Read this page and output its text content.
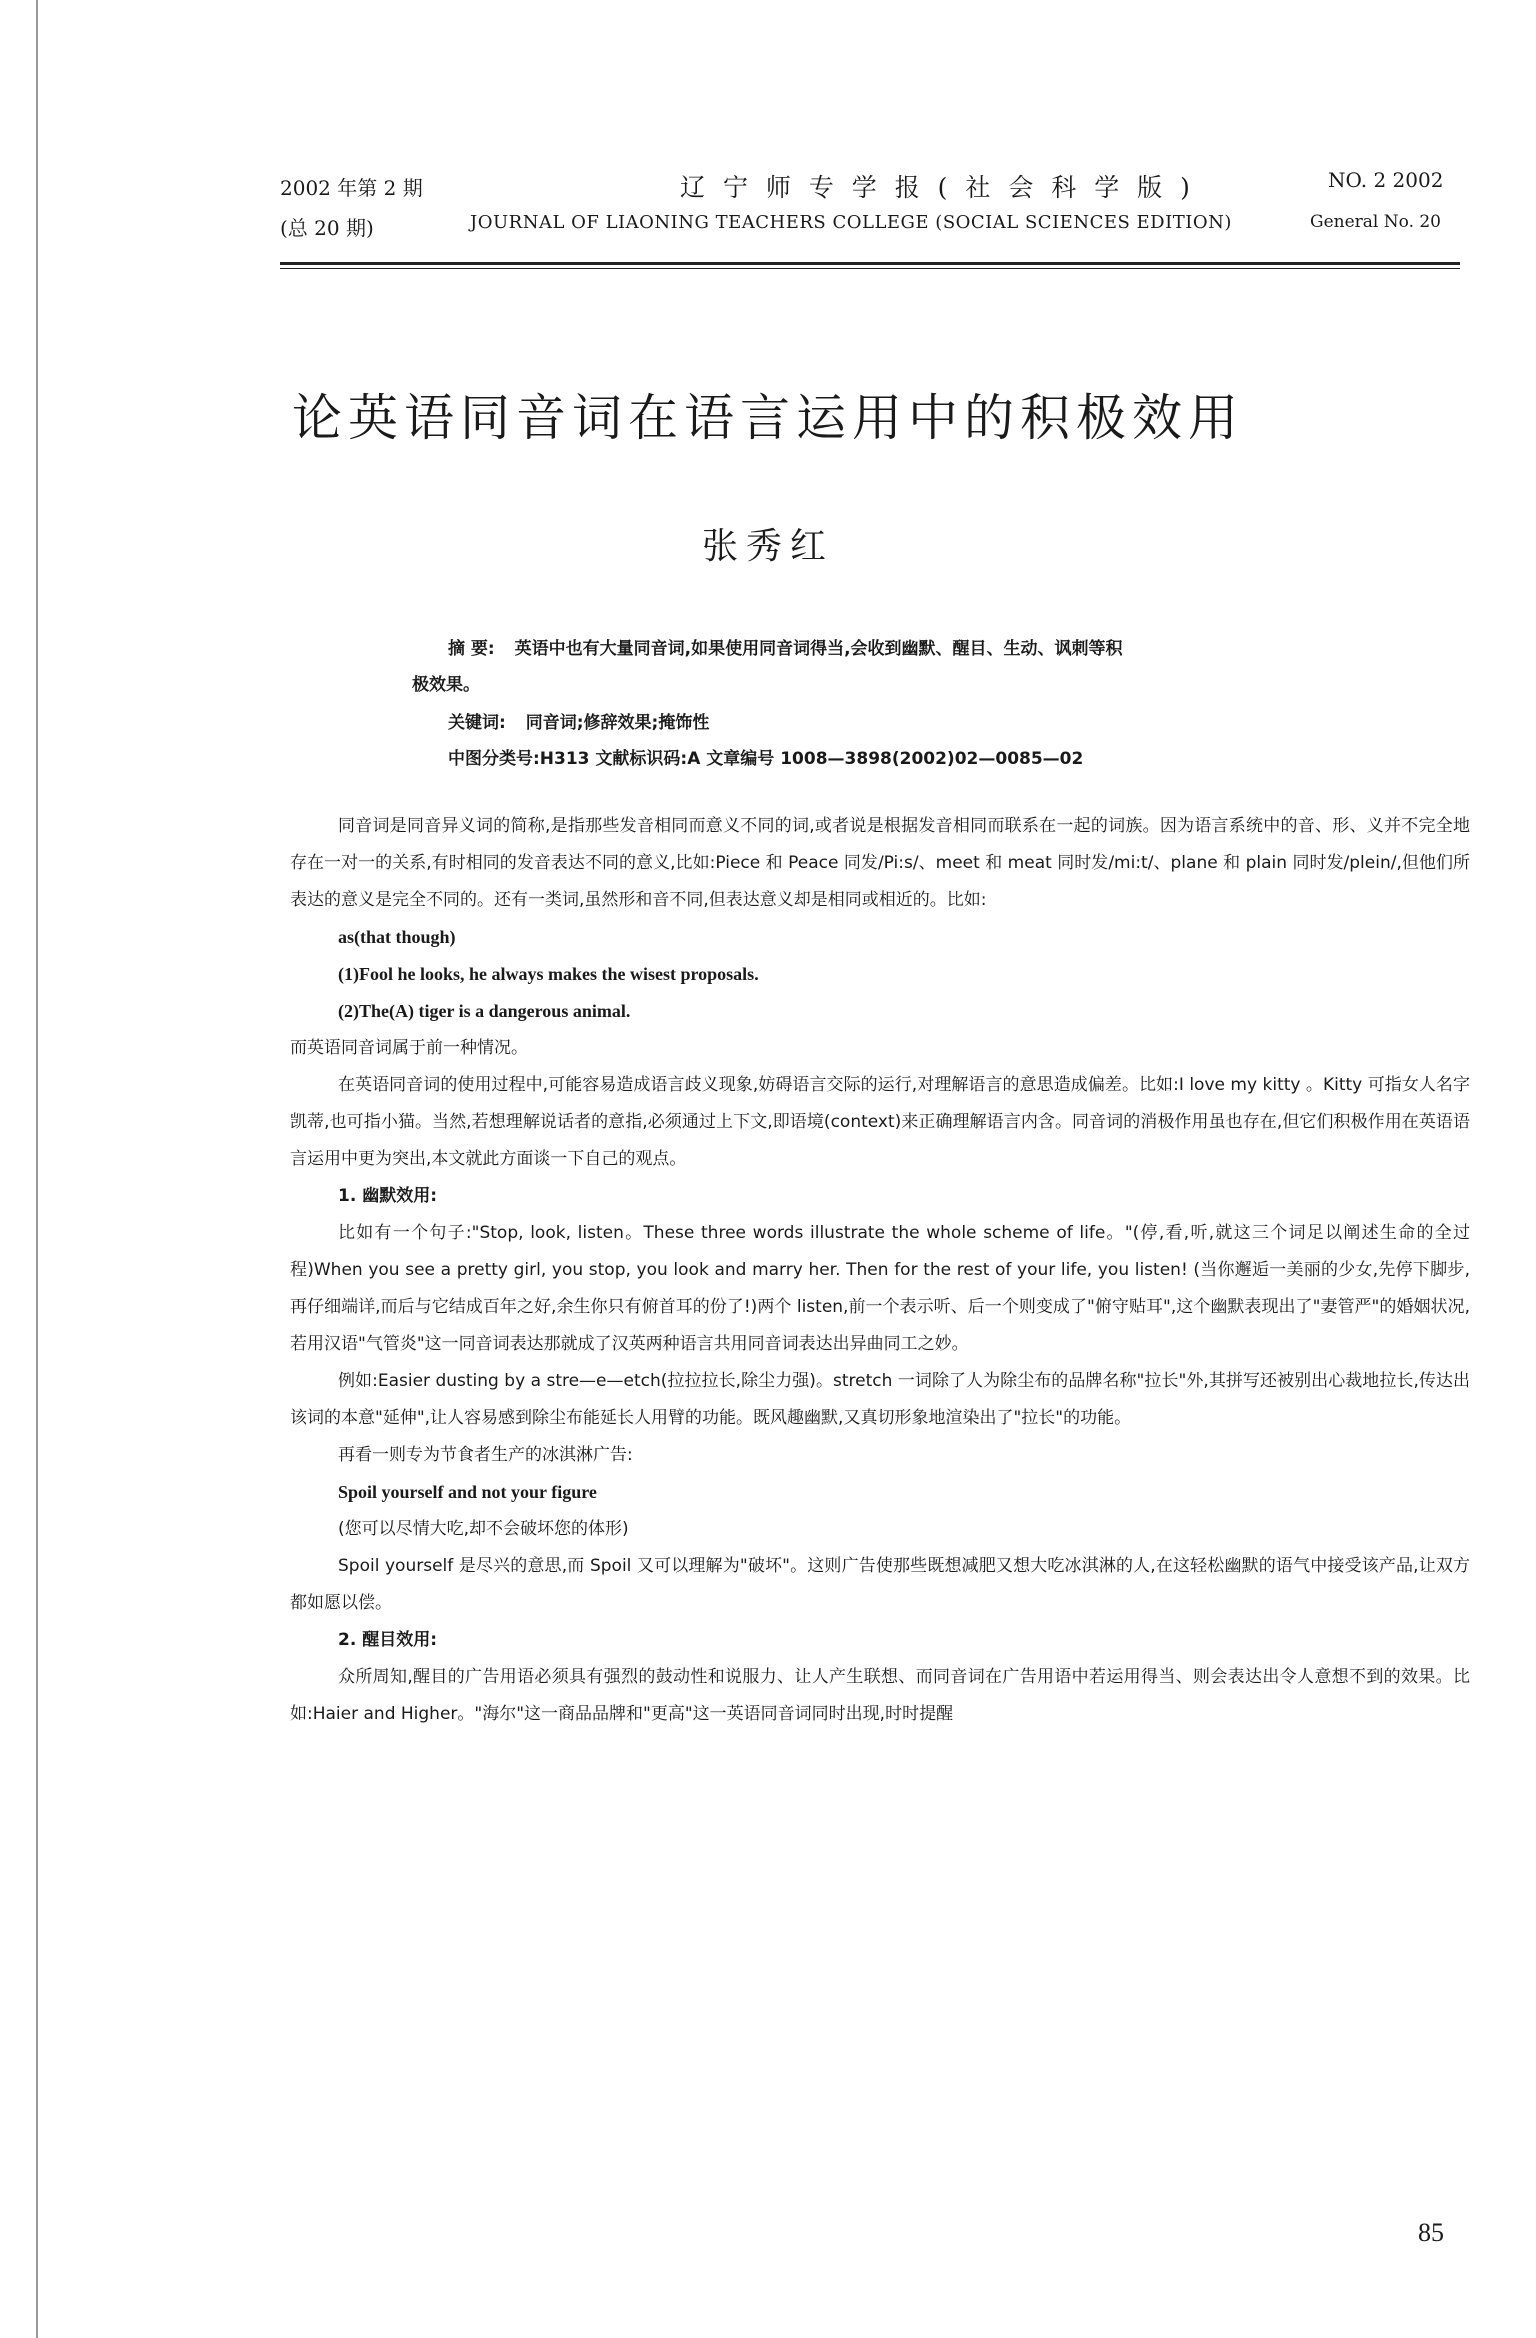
2002 年第 2 期
(总 20 期)
辽 宁 师 专 学 报 ( 社 会 科 学 版 )
JOURNAL OF LIAONING TEACHERS COLLEGE (SOCIAL SCIENCES EDITION)
NO. 2 2002
General No. 20
论英语同音词在语言运用中的积极效用
张秀红
摘 要: 英语中也有大量同音词,如果使用同音词得当,会收到幽默、醒目、生动、讽刺等积
极效果。
关键词: 同音词;修辞效果;掩饰性
中图分类号:H313 文献标识码:A 文章编号 1008—3898(2002)02—0085—02

同音词是同音异义词的简称,是指那些发音相同而意义不同的词,或者说是根据发音相同而联系在一起的词族。因为语言系统中的音、形、义并不完全地存在一对一的关系,有时相同的发音表达不同的意义,比如:Piece 和 Peace 同发/Pi:s/、meet 和 meat 同时发/mi:t/、plane 和 plain 同时发/plein/,但他们所表达的意义是完全不同的。还有一类词,虽然形和音不同,但表达意义却是相同或相近的。比如:

as(that though)

(1)Fool he looks, he always makes the wisest proposals.

(2)The(A) tiger is a dangerous animal.

而英语同音词属于前一种情况。

在英语同音词的使用过程中,可能容易造成语言歧义现象,妨碍语言交际的运行,对理解语言的意思造成偏差。比如:I love my kitty 。Kitty 可指女人名字凯蒂,也可指小猫。当然,若想理解说话者的意指,必须通过上下文,即语境(context)来正确理解语言内含。同音词的消极作用虽也存在,但它们积极作用在英语语言运用中更为突出,本文就此方面谈一下自己的观点。

1. 幽默效用:

比如有一个句子:"Stop, look, listen。These three words illustrate the whole scheme of life。"(停,看,听,就这三个词足以阐述生命的全过程)When you see a pretty girl, you stop, you look and marry her. Then for the rest of your life, you listen! (当你邂逅一美丽的少女,先停下脚步,再仔细端详,而后与它结成百年之好,余生你只有俯首耳的份了!)两个 listen,前一个表示听、后一个则变成了"俯守贴耳",这个幽默表现出了"妻管严"的婚姻状况,若用汉语"气管炎"这一同音词表达那就成了汉英两种语言共用同音词表达出异曲同工之妙。

例如:Easier dusting by a stre—e—etch(拉拉拉长,除尘力强)。stretch 一词除了人为除尘布的品牌名称"拉长"外,其拼写还被别出心裁地拉长,传达出该词的本意"延伸",让人容易感到除尘布能延长人用臂的功能。既风趣幽默,又真切形象地渲染出了"拉长"的功能。

再看一则专为节食者生产的冰淇淋广告:

Spoil yourself and not your figure

(您可以尽情大吃,却不会破坏您的体形)

Spoil yourself 是尽兴的意思,而 Spoil 又可以理解为"破坏"。这则广告使那些既想减肥又想大吃冰淇淋的人,在这轻松幽默的语气中接受该产品,让双方都如愿以偿。

2. 醒目效用:

众所周知,醒目的广告用语必须具有强烈的鼓动性和说服力、让人产生联想、而同音词在广告用语中若运用得当、则会表达出令人意想不到的效果。比如:Haier and Higher。"海尔"这一商品品牌和"更高"这一英语同音词同时出现,时时提醒

85
